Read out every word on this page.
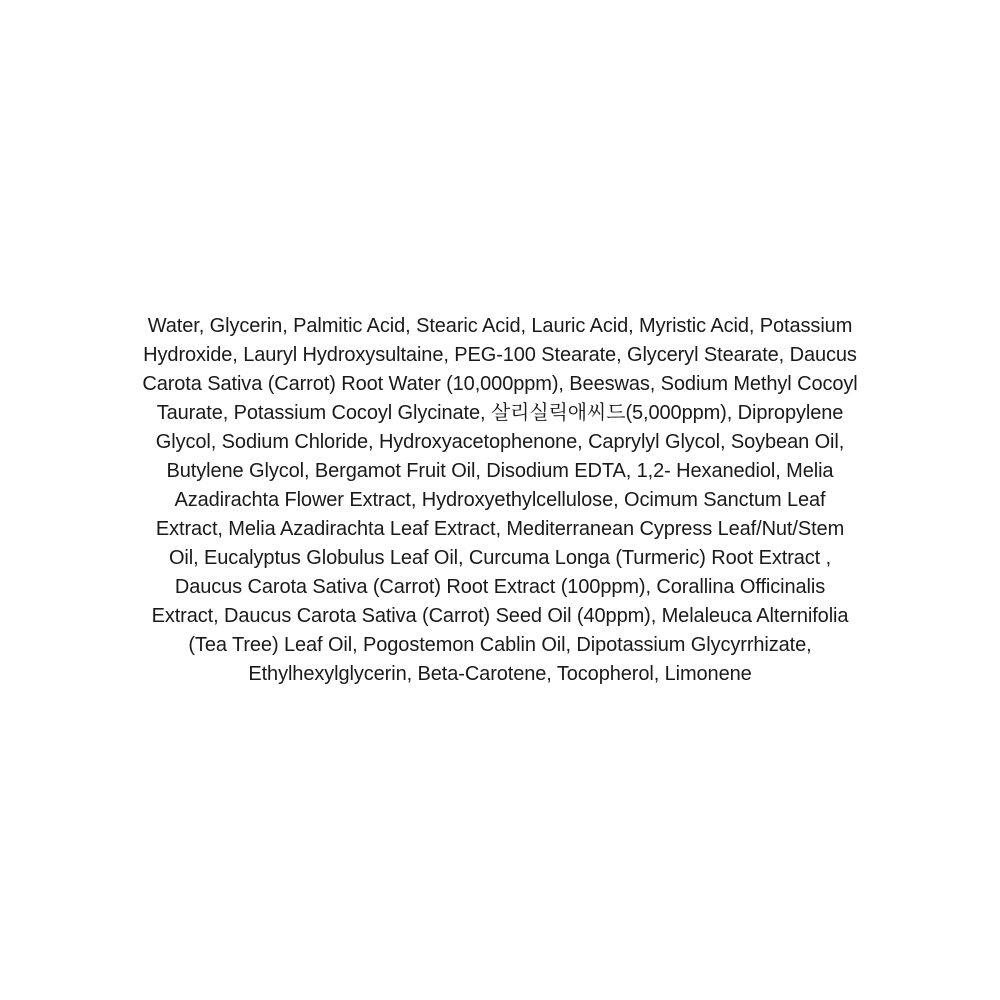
Water, Glycerin, Palmitic Acid, Stearic Acid, Lauric Acid, Myristic Acid, Potassium
Hydroxide, Lauryl Hydroxysultaine, PEG-100 Stearate, Glyceryl Stearate, Daucus
Carota Sativa (Carrot) Root Water (10,000ppm), Beeswas, Sodium Methyl Cocoyl
Taurate, Potassium Cocoyl Glycinate, 살리실릭애씨드(5,000ppm), Dipropylene
Glycol, Sodium Chloride, Hydroxyacetophenone, Caprylyl Glycol, Soybean Oil,
Butylene Glycol, Bergamot Fruit Oil, Disodium EDTA, 1,2- Hexanediol, Melia
Azadirachta Flower Extract, Hydroxyethylcellulose, Ocimum Sanctum Leaf
Extract, Melia Azadirachta Leaf Extract, Mediterranean Cypress Leaf/Nut/Stem
Oil, Eucalyptus Globulus Leaf Oil, Curcuma Longa (Turmeric) Root Extract ,
Daucus Carota Sativa (Carrot) Root Extract (100ppm), Corallina Officinalis
Extract, Daucus Carota Sativa (Carrot) Seed Oil (40ppm), Melaleuca Alternifolia
(Tea Tree) Leaf Oil, Pogostemon Cablin Oil, Dipotassium Glycyrrhizate,
Ethylhexylglycerin, Beta-Carotene, Tocopherol, Limonene
